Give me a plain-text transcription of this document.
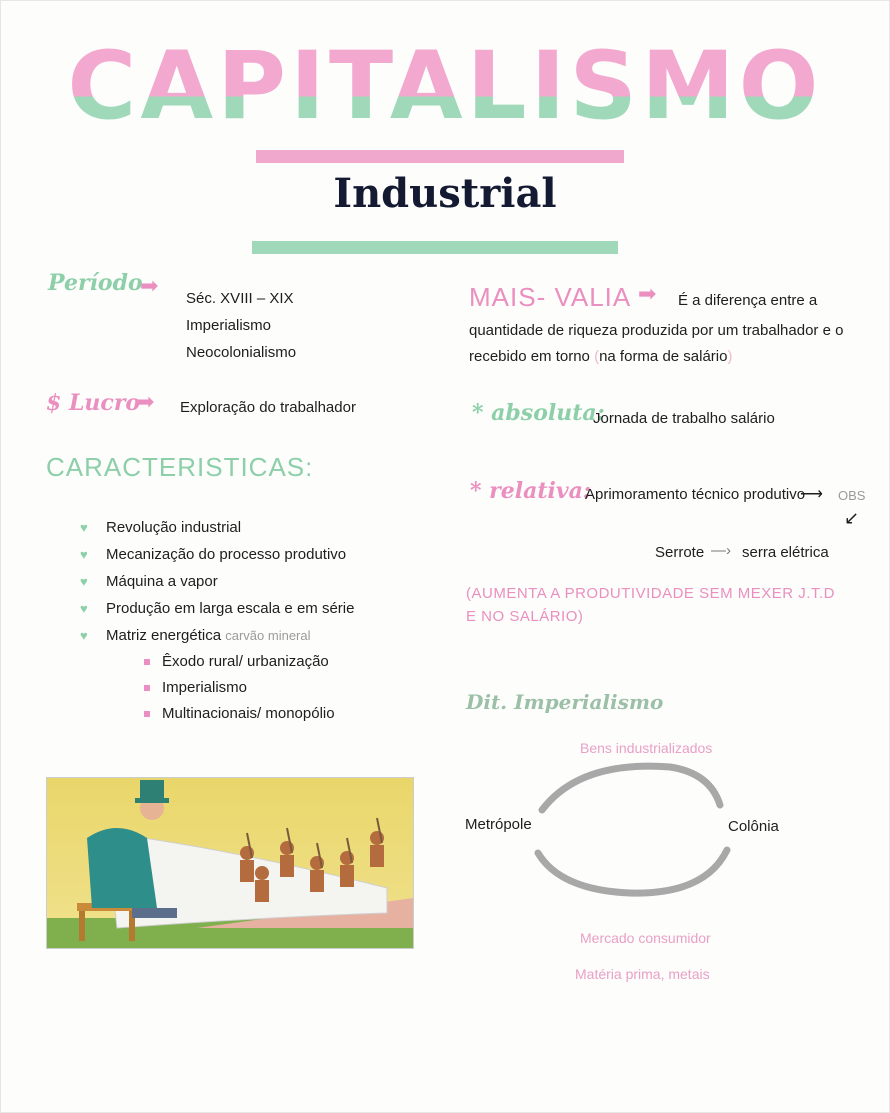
CAPITALISMO
Industrial
Período
➡ Séc. XVIII – XIX
Imperialismo
Neocolonialismo
$ Lucro
➡ Exploração do trabalhador
CARACTERISTICAS:
♥ Revolução industrial
♥ Mecanização do processo produtivo
♥ Máquina a vapor
♥ Produção em larga escala e em série
♥ Matriz energética carvão mineral
Êxodo rural/ urbanização
Imperialismo
Multinacionais/ monopólio
MAIS- VALIA ➡ É a diferença entre a
quantidade de riqueza produzida por um trabalhador e o
recebido em torno (na forma de salário)
* absoluta:
Jornada de trabalho salário
* relativa:
Aprimoramento técnico produtivo
⟶ OBS
↙
Serrote —› serra elétrica
(AUMENTA A PRODUTIVIDADE SEM MEXER J.T.D E NO SALÁRIO)
Dit. Imperialismo
Bens industrializados
Metrópole	Colônia
Mercado consumidor
Matéria prima, metais
